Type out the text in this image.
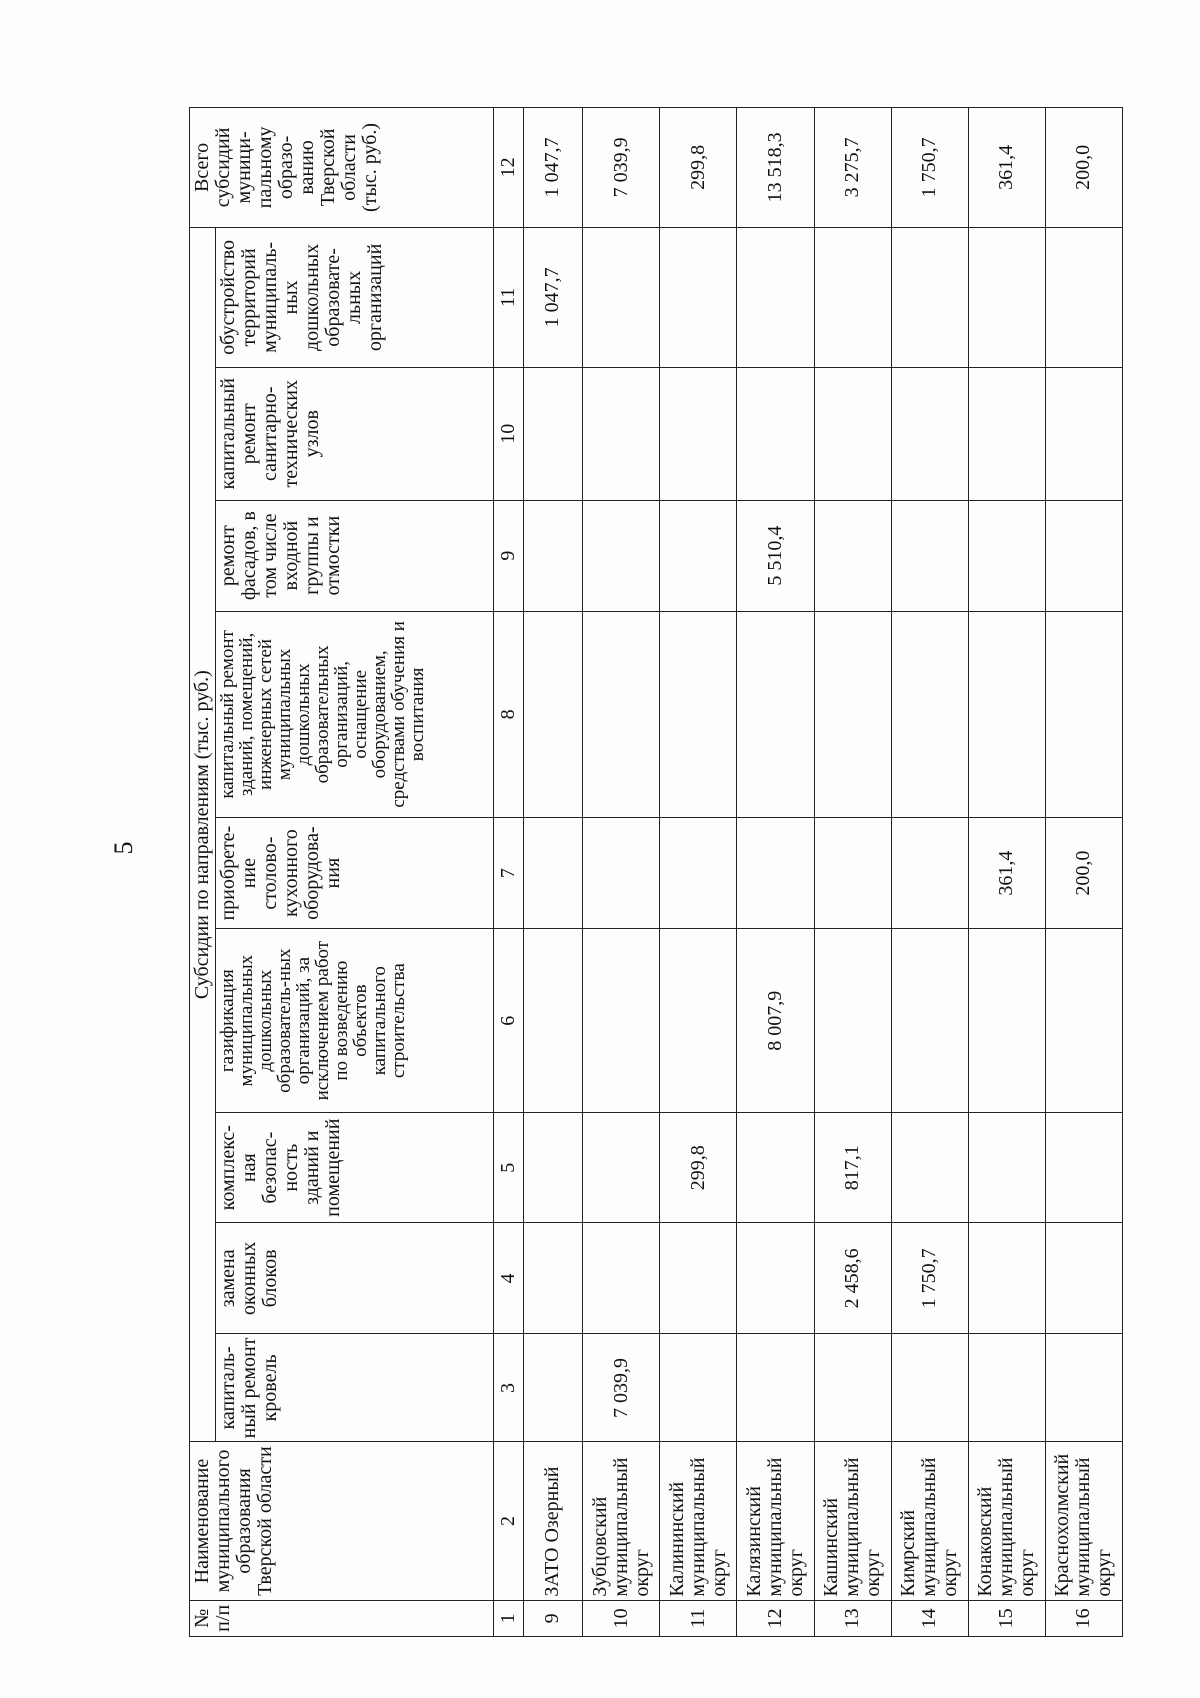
5
№ п/п	Наименование муниципального образования Тверской области	Субсидии по направлениям (тыс. руб.)									Всего субсидий муници-пальному образо-ванию Тверской области (тыс. руб.)
		капиталь-ный ремонт кровель	замена оконных блоков	комплекс-ная безопас-ность зданий и помещений	газификация муниципальных дошкольных образователь-ных организаций, за исключением работ по возведению объектов капитального строительства	приобрете-ние столово-кухонного оборудова-ния	капитальный ремонт зданий, помещений, инженерных сетей муниципальных дошкольных образовательных организаций, оснащение оборудованием, средствами обучения и воспитания	ремонт фасадов, в том числе входной группы и отмостки	капитальный ремонт санитарно-технических узлов	обустройство территорий муниципаль-ных дошкольных образовате-льных организаций	
1	2	3	4	5	6	7	8	9	10	11	12
9	ЗАТО Озерный									1 047,7	1 047,7
10	Зубцовский муниципальный округ	7 039,9									7 039,9
11	Калининский муниципальный округ			299,8							299,8
12	Калязинский муниципальный округ				8 007,9			5 510,4			13 518,3
13	Кашинский муниципальный округ		2 458,6	817,1							3 275,7
14	Кимрский муниципальный округ		1 750,7								1 750,7
15	Конаковский муниципальный округ					361,4					361,4
16	Краснохолмский муниципальный округ					200,0					200,0
